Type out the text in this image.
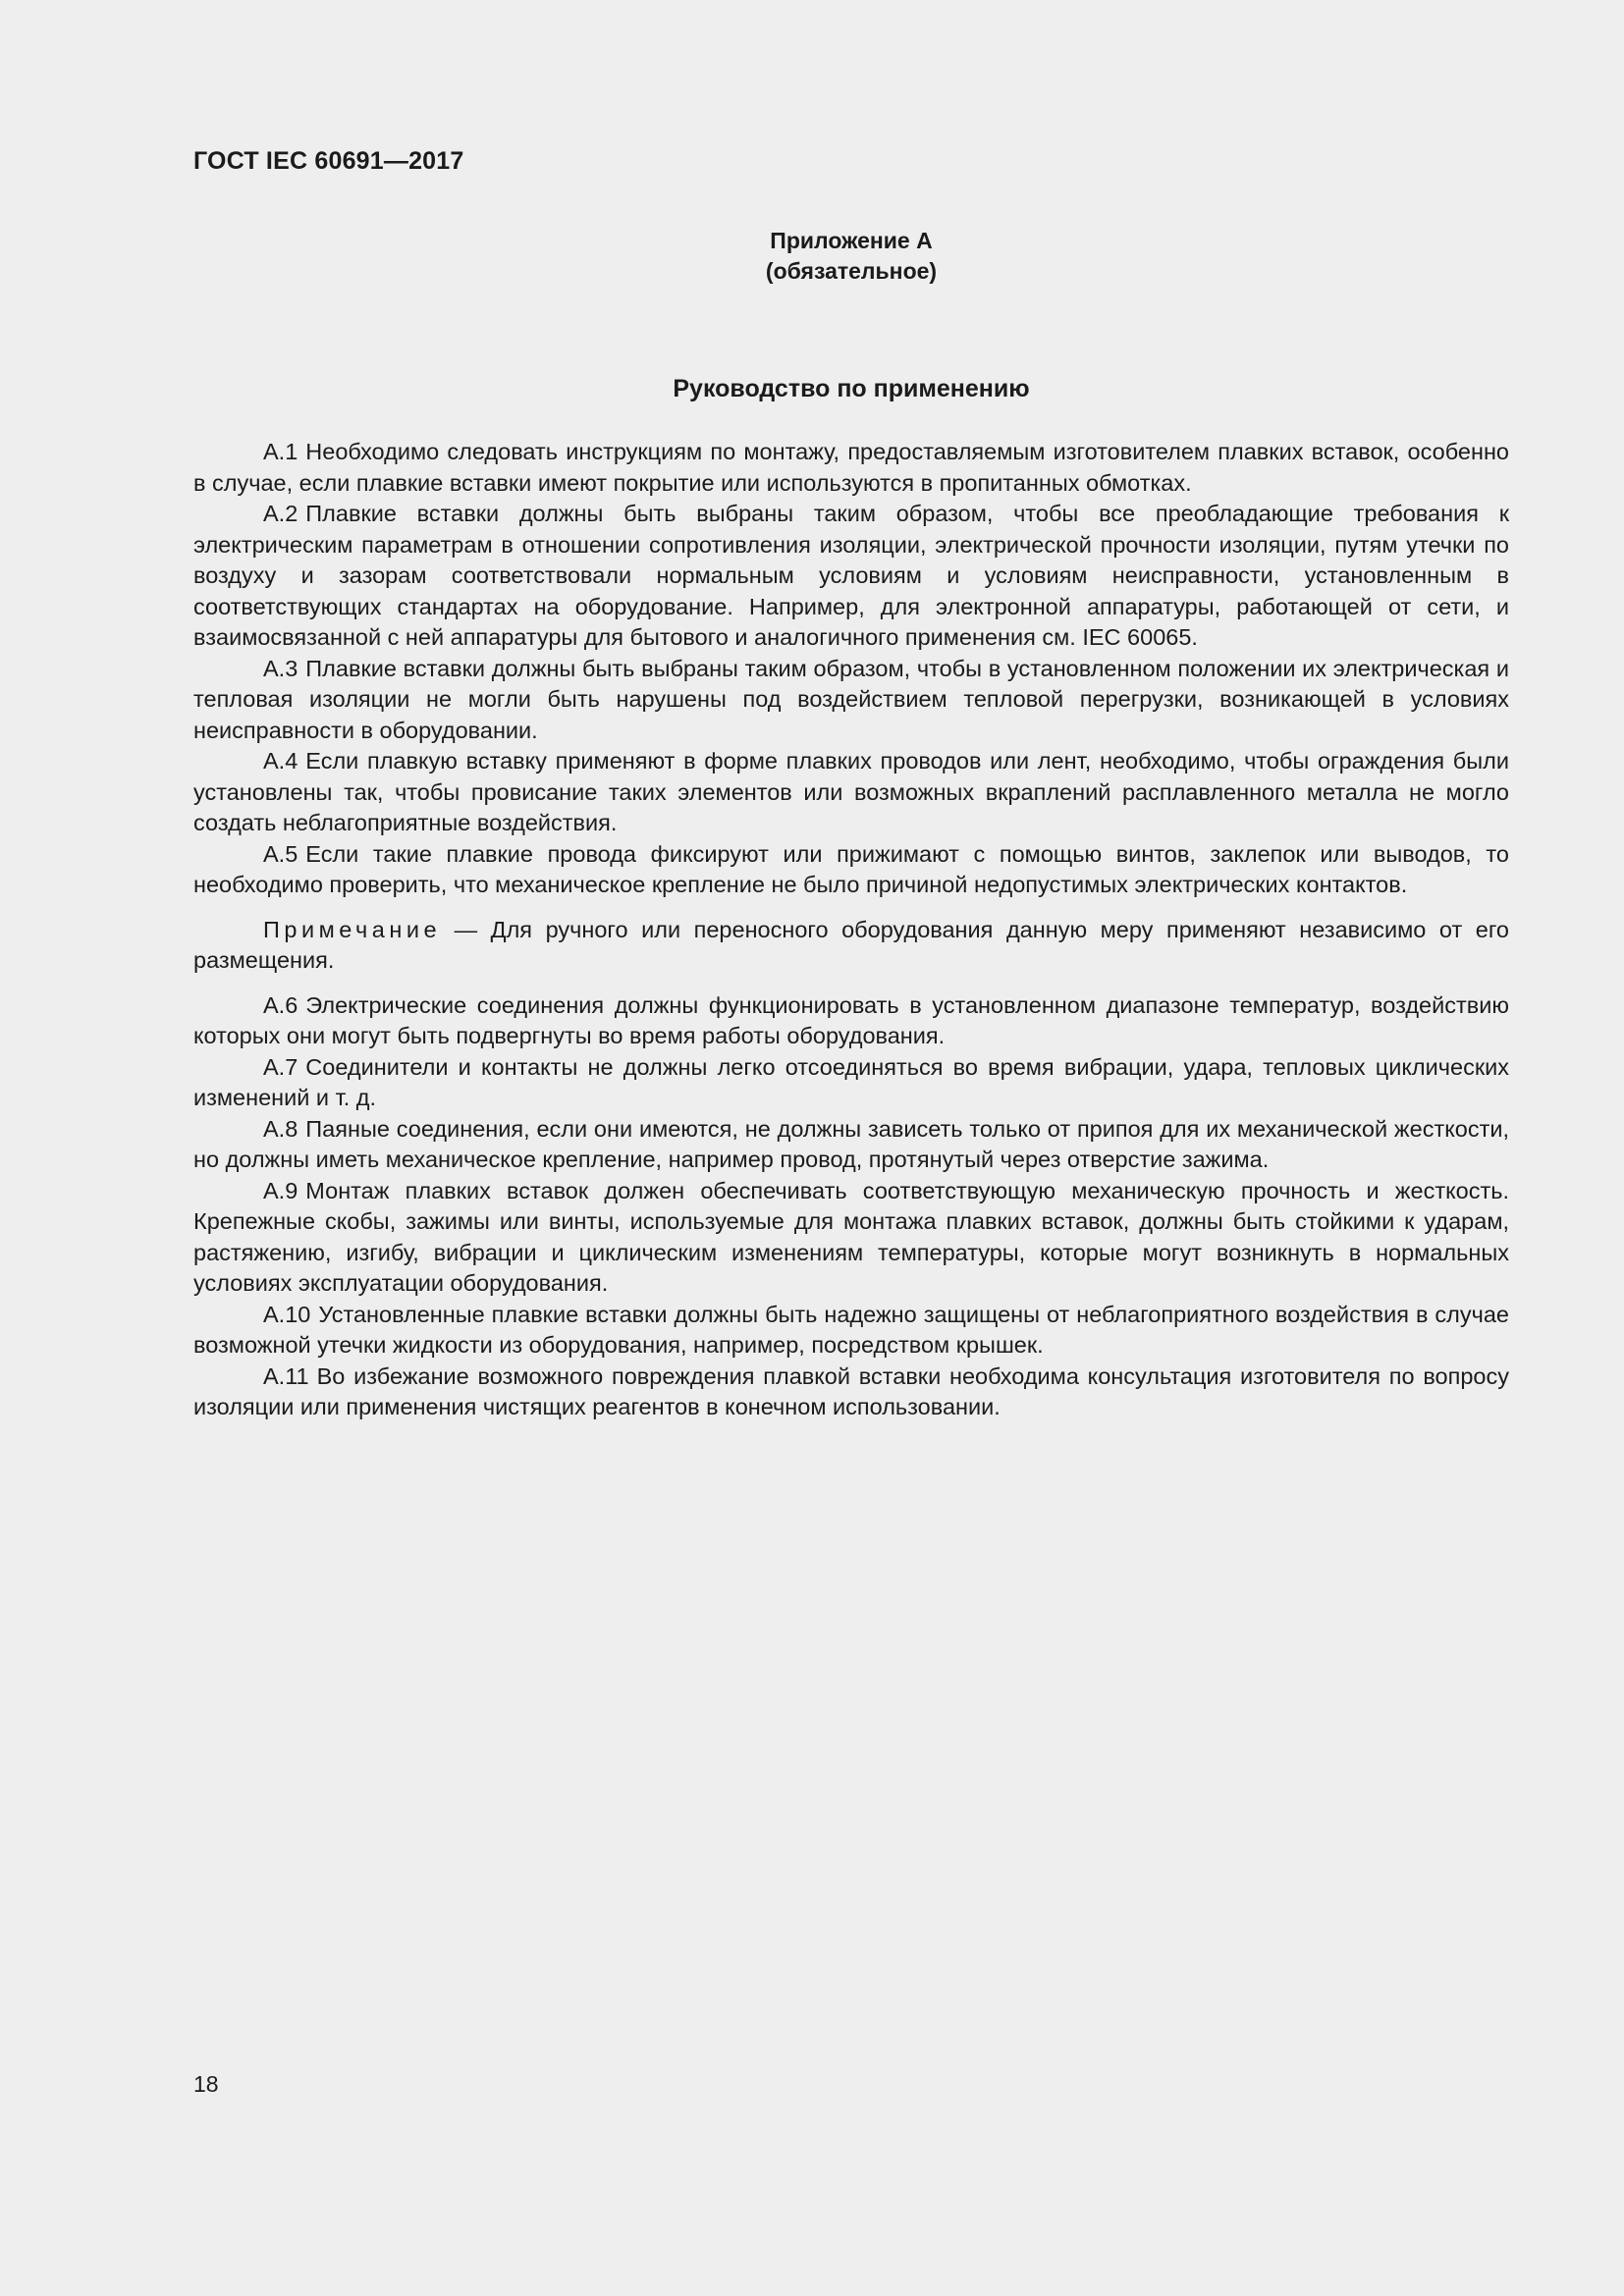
ГОСТ IEC 60691—2017
Приложение А
(обязательное)
Руководство по применению

А.1 Необходимо следовать инструкциям по монтажу, предоставляемым изготовителем плавких вставок, особенно в случае, если плавкие вставки имеют покрытие или используются в пропитанных обмотках.

А.2 Плавкие вставки должны быть выбраны таким образом, чтобы все преобладающие требования к электрическим параметрам в отношении сопротивления изоляции, электрической прочности изоляции, путям утечки по воздуху и зазорам соответствовали нормальным условиям и условиям неисправности, установленным в соответствующих стандартах на оборудование. Например, для электронной аппаратуры, работающей от сети, и взаимосвязанной с ней аппаратуры для бытового и аналогичного применения см. IEC 60065.

А.3 Плавкие вставки должны быть выбраны таким образом, чтобы в установленном положении их электрическая и тепловая изоляции не могли быть нарушены под воздействием тепловой перегрузки, возникающей в условиях неисправности в оборудовании.

А.4 Если плавкую вставку применяют в форме плавких проводов или лент, необходимо, чтобы ограждения были установлены так, чтобы провисание таких элементов или возможных вкраплений расплавленного металла не могло создать неблагоприятные воздействия.

А.5 Если такие плавкие провода фиксируют или прижимают с помощью винтов, заклепок или выводов, то необходимо проверить, что механическое крепление не было причиной недопустимых электрических контактов.

Примечание — Для ручного или переносного оборудования данную меру применяют независимо от его размещения.

А.6 Электрические соединения должны функционировать в установленном диапазоне температур, воздействию которых они могут быть подвергнуты во время работы оборудования.

А.7 Соединители и контакты не должны легко отсоединяться во время вибрации, удара, тепловых циклических изменений и т. д.

А.8 Паяные соединения, если они имеются, не должны зависеть только от припоя для их механической жесткости, но должны иметь механическое крепление, например провод, протянутый через отверстие зажима.

А.9 Монтаж плавких вставок должен обеспечивать соответствующую механическую прочность и жесткость. Крепежные скобы, зажимы или винты, используемые для монтажа плавких вставок, должны быть стойкими к ударам, растяжению, изгибу, вибрации и циклическим изменениям температуры, которые могут возникнуть в нормальных условиях эксплуатации оборудования.

А.10 Установленные плавкие вставки должны быть надежно защищены от неблагоприятного воздействия в случае возможной утечки жидкости из оборудования, например, посредством крышек.

А.11 Во избежание возможного повреждения плавкой вставки необходима консультация изготовителя по вопросу изоляции или применения чистящих реагентов в конечном использовании.

18
